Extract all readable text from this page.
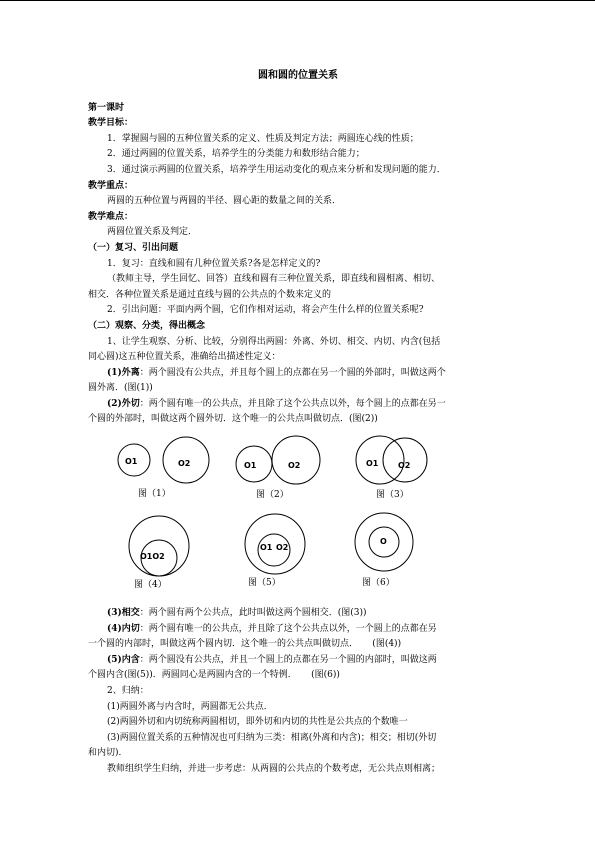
圆和圆的位置关系

第一课时

教学目标：

1．掌握圆与圆的五种位置关系的定义、性质及判定方法；两圆连心线的性质；

2．通过两圆的位置关系，培养学生的分类能力和数形结合能力；

3．通过演示两圆的位置关系，培养学生用运动变化的观点来分析和发现问题的能力．

教学重点：

两圆的五种位置与两圆的半径、圆心距的数量之间的关系．

教学难点：

两圆位置关系及判定．

（一）复习、引出问题

1．复习：直线和圆有几种位置关系?各是怎样定义的?

（教师主导，学生回忆、回答）直线和圆有三种位置关系，即直线和圆相离、相切、

相交．各种位置关系是通过直线与圆的公共点的个数来定义的

2．引出问题：平面内两个圆，它们作相对运动，将会产生什么样的位置关系呢?

（二）观察、分类，得出概念

1、让学生观察、分析、比较，分别得出两圆：外离、外切、相交、内切、内含(包括

同心圆)这五种位置关系，准确给出描述性定义：

(1)外离：两个圆没有公共点，并且每个圆上的点都在另一个圆的外部时，叫做这两个

圆外离．(图(1))

(2)外切：两个圆有唯一的公共点，并且除了这个公共点以外，每个圆上的点都在另一

个圆的外部时，叫做这两个圆外切．这个唯一的公共点叫做切点．(图(2))

O1	O2
图（1）
O1	O2
图（2）
O1 O2
图（3）
O1O2
图（4）
O1 O2
图（5）
O
图（6）

(3)相交：两个圆有两个公共点，此时叫做这两个圆相交．(图(3))

(4)内切：两个圆有唯一的公共点，并且除了这个公共点以外，一个圆上的点都在另

一个圆的内部时，叫做这两个圆内切．这个唯一的公共点叫做切点．     (图(4))

(5)内含：两个圆没有公共点，并且一个圆上的点都在另一个圆的内部时，叫做这两

个圆内含(图(5))．两圆同心是两圆内含的一个特例．     (图(6))

2、归纳：

(1)两圆外离与内含时，两圆都无公共点．

(2)两圆外切和内切统称两圆相切，即外切和内切的共性是公共点的个数唯一

(3)两圆位置关系的五种情况也可归纳为三类：相离(外离和内含)；相交；相切(外切

和内切)．

教师组织学生归纳，并进一步考虑：从两圆的公共点的个数考虑，无公共点则相离；
